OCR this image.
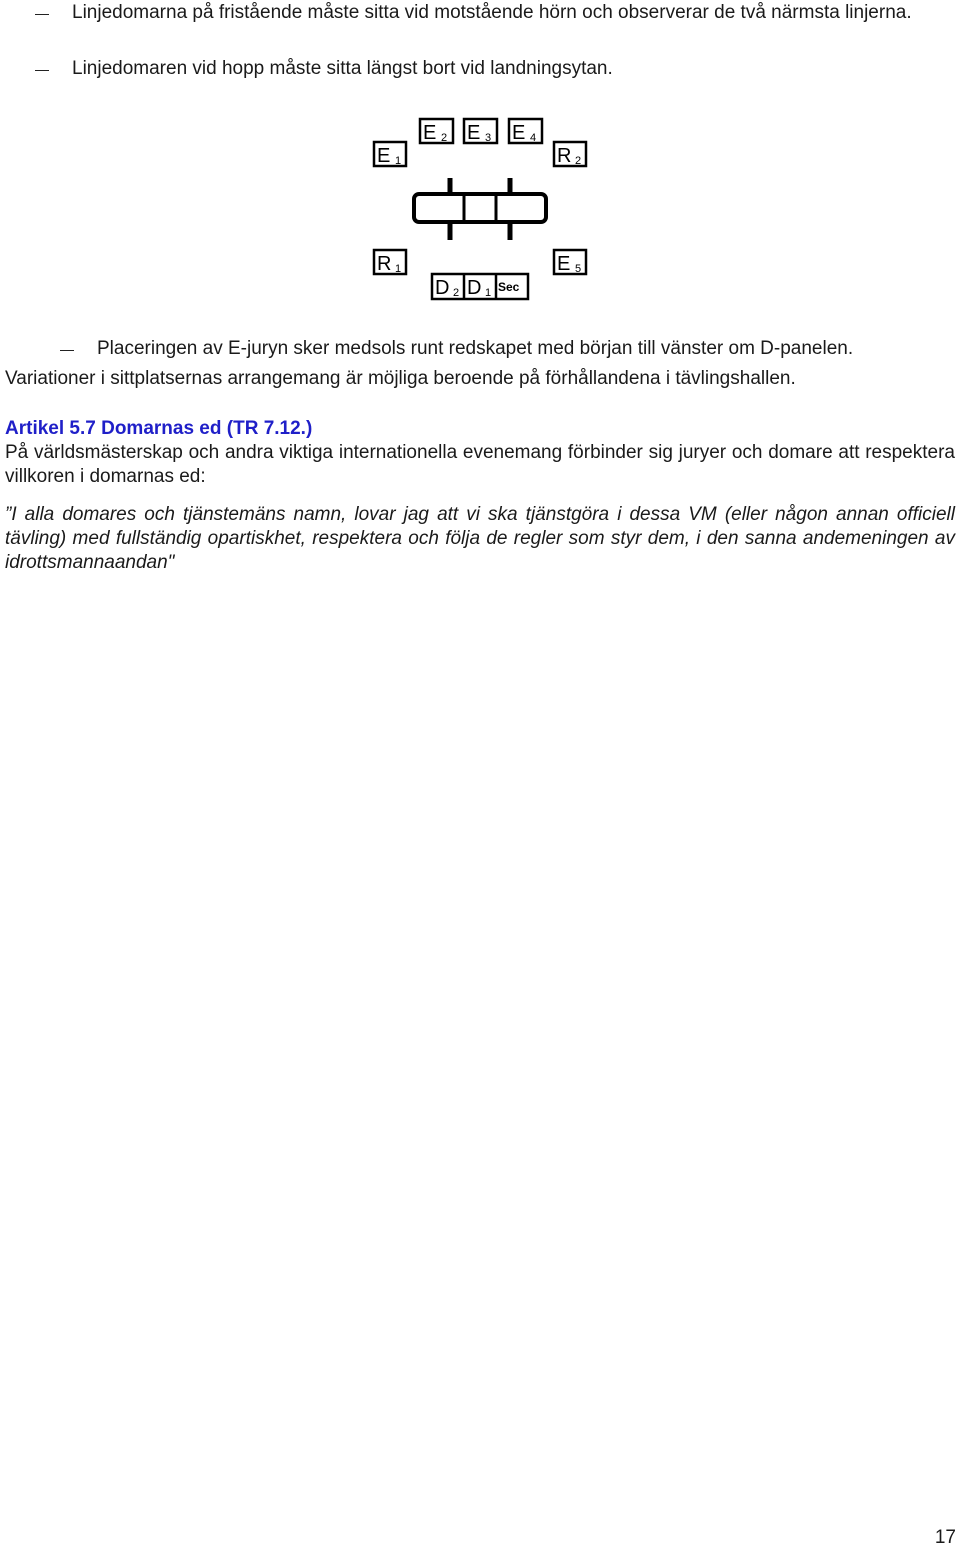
Linjedomarna på fristående måste sitta vid motstående hörn och observerar de två närmsta linjerna.
Linjedomaren vid hopp måste sitta längst bort vid landningsytan.
E 1
E 2 E 3 E 4
R 2
R 1	E 5
D 2 D 1 Sec
Placeringen av E-juryn sker medsols runt redskapet med början till vänster om D-panelen.
Variationer i sittplatsernas arrangemang är möjliga beroende på förhållandena i tävlingshallen.
Artikel 5.7 Domarnas ed (TR 7.12.)
På världsmästerskap och andra viktiga internationella evenemang förbinder sig juryer och domare att respektera villkoren i domarnas ed:
”I alla domares och tjänstemäns namn, lovar jag att vi ska tjänstgöra i dessa VM (eller någon annan officiell tävling) med fullständig opartiskhet, respektera och följa de regler som styr dem, i den sanna andemeningen av idrottsmannaandan"
17
